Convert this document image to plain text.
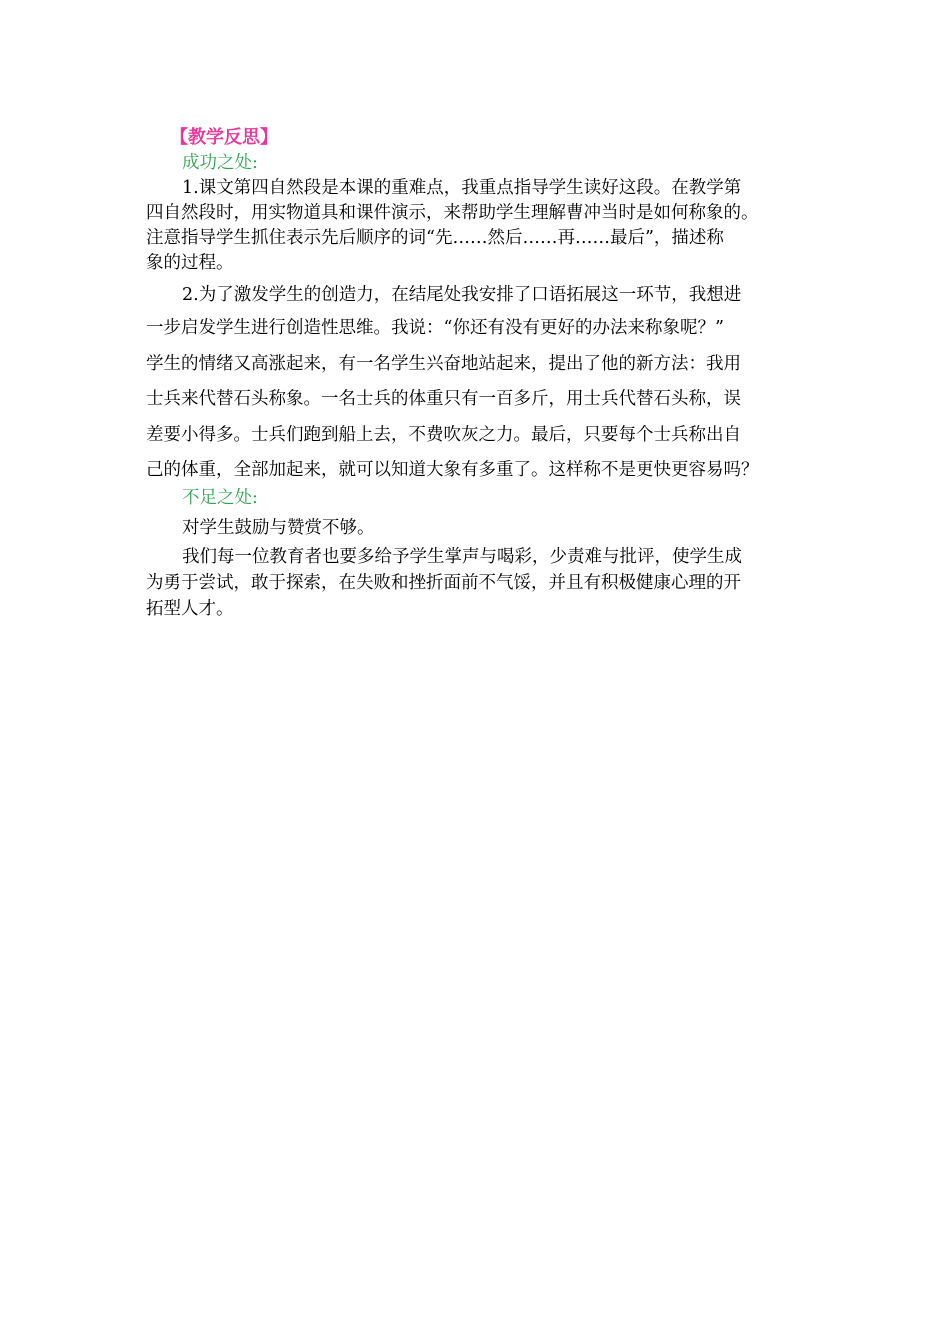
【教学反思】

成功之处:

1.课文第四自然段是本课的重难点，我重点指导学生读好这段。在教学第

四自然段时，用实物道具和课件演示，来帮助学生理解曹冲当时是如何称象的。

注意指导学生抓住表示先后顺序的词“先……然后……再……最后”，描述称

象的过程。

2.为了激发学生的创造力，在结尾处我安排了口语拓展这一环节，我想进

一步启发学生进行创造性思维。我说：“你还有没有更好的办法来称象呢？”

学生的情绪又高涨起来，有一名学生兴奋地站起来，提出了他的新方法：我用

士兵来代替石头称象。一名士兵的体重只有一百多斤，用士兵代替石头称，误

差要小得多。士兵们跑到船上去，不费吹灰之力。最后，只要每个士兵称出自

己的体重，全部加起来，就可以知道大象有多重了。这样称不是更快更容易吗？

不足之处:

对学生鼓励与赞赏不够。

我们每一位教育者也要多给予学生掌声与喝彩，少责难与批评，使学生成

为勇于尝试，敢于探索，在失败和挫折面前不气馁，并且有积极健康心理的开

拓型人才。
